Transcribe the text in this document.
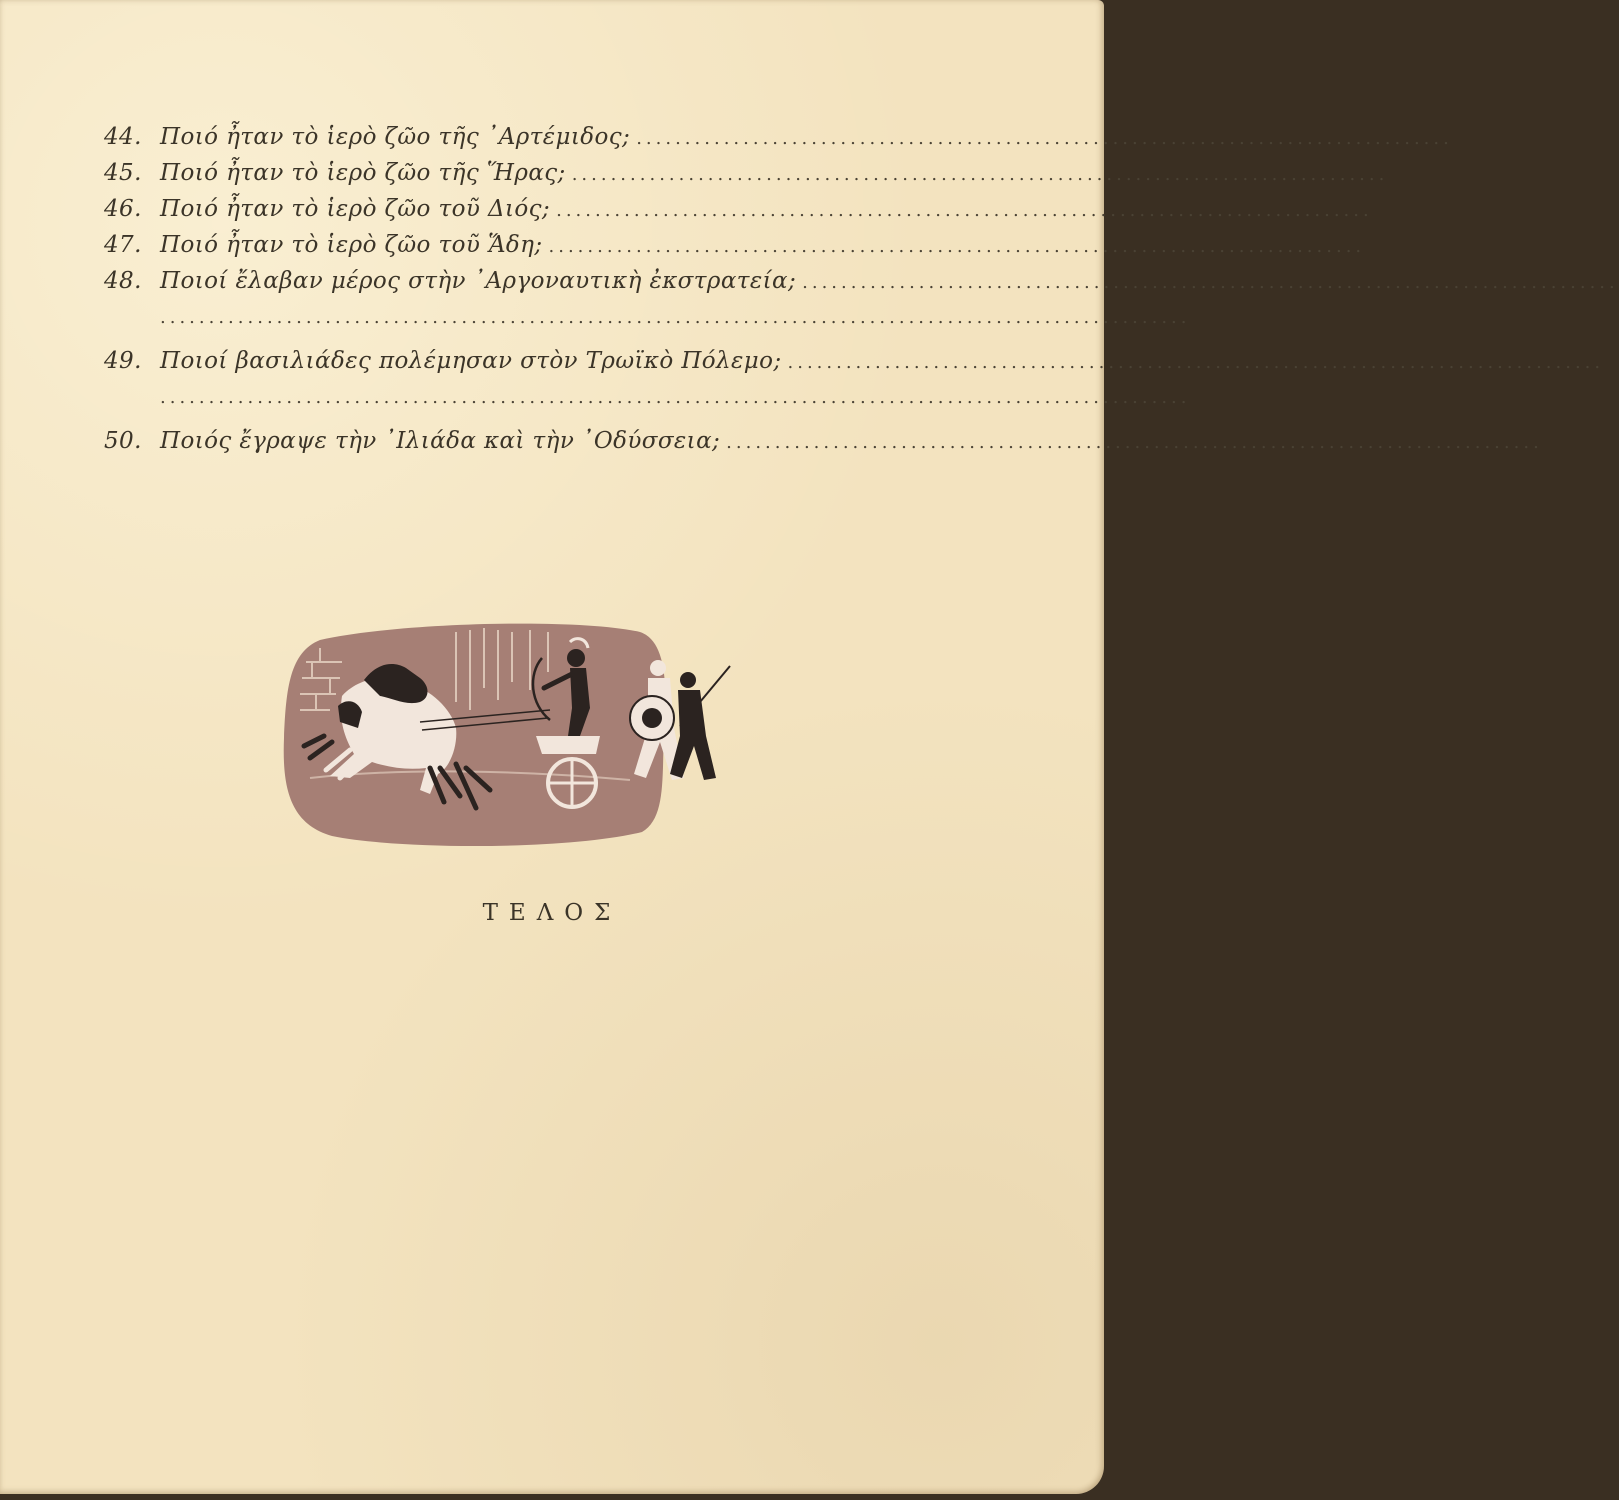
44. Ποιό ἦταν τὸ ἱερὸ ζῶο τῆς ᾿Αρτέμιδος; ....................................................................................
45. Ποιό ἦταν τὸ ἱερὸ ζῶο τῆς Ἥρας; ....................................................................................
46. Ποιό ἦταν τὸ ἱερὸ ζῶο τοῦ Διός; ....................................................................................
47. Ποιό ἦταν τὸ ἱερὸ ζῶο τοῦ Ἅδη; ....................................................................................
48. Ποιοί ἔλαβαν μέρος στὴν ᾿Αργοναυτικὴ ἐκστρατεία; ....................................................................................
..........................................................................................................
49. Ποιοί βασιλιάδες πολέμησαν στὸν Τρωϊκὸ Πόλεμο; ....................................................................................
..........................................................................................................
50. Ποιός ἔγραψε τὴν ᾿Ιλιάδα καὶ τὴν ᾿Οδύσσεια; ....................................................................................
ΤΕΛΟΣ
